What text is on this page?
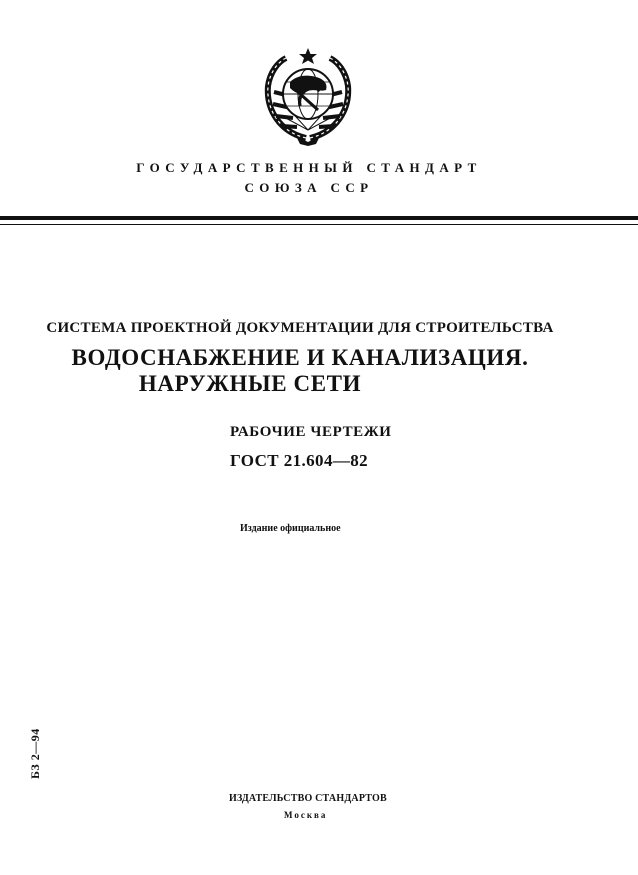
ГОСУДАРСТВЕННЫЙ СТАНДАРТ
СОЮЗА ССР
СИСТЕМА ПРОЕКТНОЙ ДОКУМЕНТАЦИИ ДЛЯ СТРОИТЕЛЬСТВА
ВОДОСНАБЖЕНИЕ И КАНАЛИЗАЦИЯ.
НАРУЖНЫЕ СЕТИ
РАБОЧИЕ ЧЕРТЕЖИ
ГОСТ 21.604—82
Издание официальное
БЗ 2—94
ИЗДАТЕЛЬСТВО СТАНДАРТОВ
Москва
